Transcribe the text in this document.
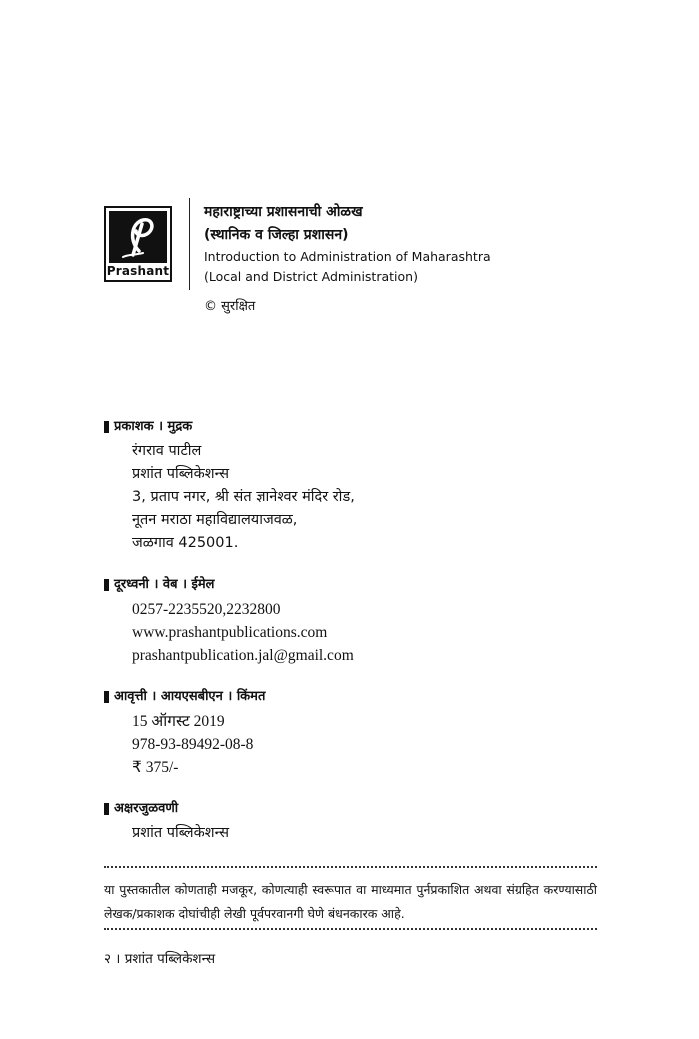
Prashant
महाराष्ट्राच्या प्रशासनाची ओळख
(स्थानिक व जिल्हा प्रशासन)
Introduction to Administration of Maharashtra
(Local and District Administration)
© सुरक्षित
प्रकाशक । मुद्रक
रंगराव पाटील
प्रशांत पब्लिकेशन्स
3, प्रताप नगर, श्री संत ज्ञानेश्वर मंदिर रोड,
नूतन मराठा महाविद्यालयाजवळ,
जळगाव 425001.
दूरध्वनी । वेब । ईमेल
0257-2235520,2232800
www.prashantpublications.com
prashantpublication.jal@gmail.com
आवृत्ती । आयएसबीएन । किंमत
15 ऑगस्ट 2019
978-93-89492-08-8
₹ 375/-
अक्षरजुळवणी
प्रशांत पब्लिकेशन्स
या पुस्तकातील कोणताही मजकूर, कोणत्याही स्वरूपात वा माध्यमात पुर्नप्रकाशित अथवा संग्रहित करण्यासाठी लेखक/प्रकाशक दोघांचीही लेखी पूर्वपरवानगी घेणे बंधनकारक आहे.
२ । प्रशांत पब्लिकेशन्स
